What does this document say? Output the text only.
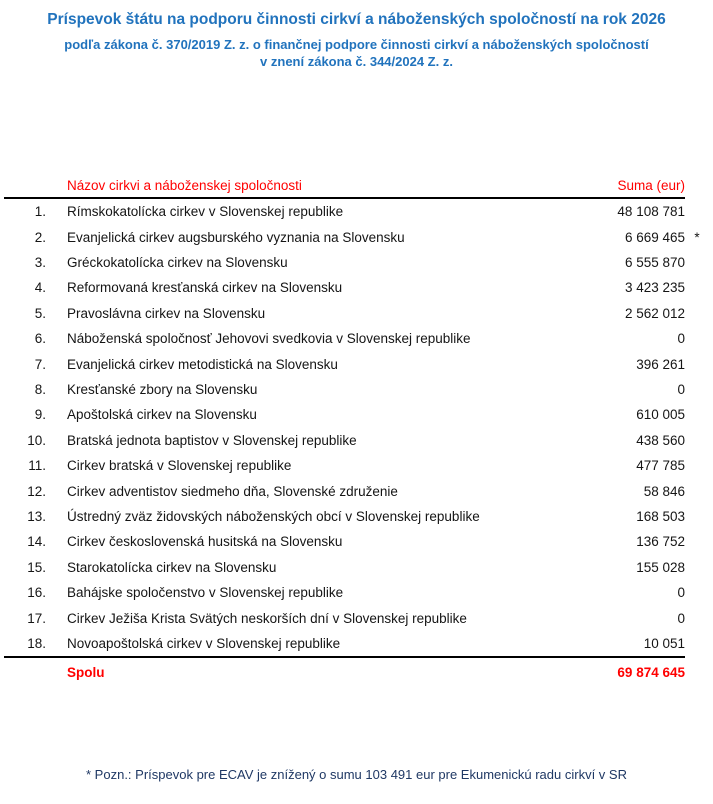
Príspevok štátu na podporu činnosti cirkví a náboženských spoločností na rok 2026
podľa zákona č. 370/2019 Z. z. o finančnej podpore činnosti cirkví a náboženských spoločností
v znení zákona č. 344/2024 Z. z.
	Názov cirkvi a náboženskej spoločnosti	Suma (eur)	
1.	Rímskokatolícka cirkev v Slovenskej republike	48 108 781	
2.	Evanjelická cirkev augsburského vyznania na Slovensku	6 669 465	*
3.	Gréckokatolícka cirkev na Slovensku	6 555 870	
4.	Reformovaná kresťanská cirkev na Slovensku	3 423 235	
5.	Pravoslávna cirkev na Slovensku	2 562 012	
6.	Náboženská spoločnosť Jehovovi svedkovia v Slovenskej republike	0	
7.	Evanjelická cirkev metodistická na Slovensku	396 261	
8.	Kresťanské zbory na Slovensku	0	
9.	Apoštolská cirkev na Slovensku	610 005	
10.	Bratská jednota baptistov v Slovenskej republike	438 560	
11.	Cirkev bratská v Slovenskej republike	477 785	
12.	Cirkev adventistov siedmeho dňa, Slovenské združenie	58 846	
13.	Ústredný zväz židovských náboženských obcí v Slovenskej republike	168 503	
14.	Cirkev československá husitská na Slovensku	136 752	
15.	Starokatolícka cirkev na Slovensku	155 028	
16.	Bahájske spoločenstvo v Slovenskej republike	0	
17.	Cirkev Ježiša Krista Svätých neskorších dní v Slovenskej republike	0	
18.	Novoapoštolská cirkev v Slovenskej republike	10 051	
	Spolu	69 874 645	
* Pozn.: Príspevok pre ECAV je znížený o sumu 103 491 eur pre Ekumenickú radu cirkví v SR
